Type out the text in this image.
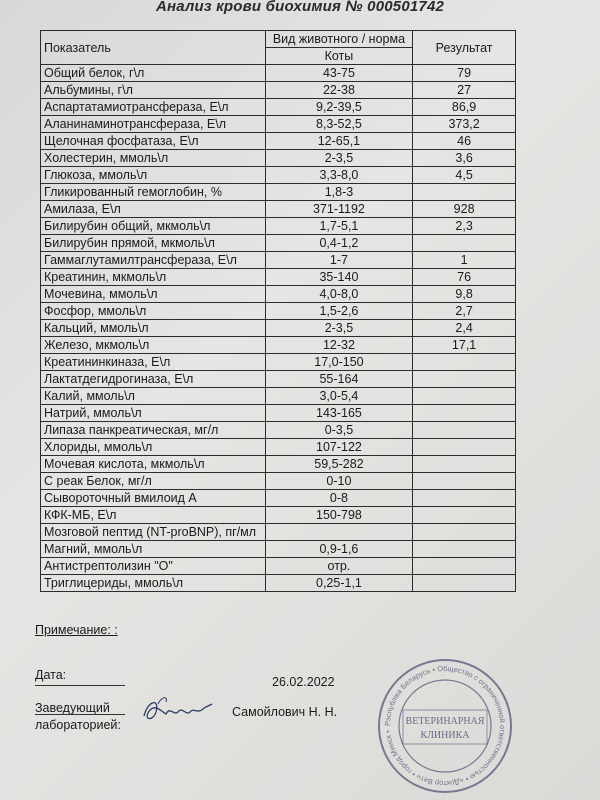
Анализ крови биохимия № 000501742
Показатель	Вид животного / норма	Результат
	Коты	
Общий белок, г\л	43-75	79
Альбумины, г\л	22-38	27
Аспартатамиотрансфераза, Е\л	9,2-39,5	86,9
Аланинаминотрансфераза, Е\л	8,3-52,5	373,2
Щелочная фосфатаза, Е\л	12-65,1	46
Холестерин, ммоль\л	2-3,5	3,6
Глюкоза, ммоль\л	3,3-8,0	4,5
Гликированный гемоглобин, %	1,8-3	
Амилаза, Е\л	371-1192	928
Билирубин общий, мкмоль\л	1,7-5,1	2,3
Билирубин прямой, мкмоль\л	0,4-1,2	
Гаммаглутамилтрансфераза, Е\л	1-7	1
Креатинин, мкмоль\л	35-140	76
Мочевина, ммоль\л	4,0-8,0	9,8
Фосфор, ммоль\л	1,5-2,6	2,7
Кальций, ммоль\л	2-3,5	2,4
Железо, мкмоль\л	12-32	17,1
Креатининкиназа, Е\л	17,0-150	
Лактатдегидрогиназа, Е\л	55-164	
Калий, ммоль\л	3,0-5,4	
Натрий, ммоль\л	143-165	
Липаза панкреатическая, мг/л	0-3,5	
Хлориды, ммоль\л	107-122	
Мочевая кислота, мкмоль\л	59,5-282	
С реак Белок, мг/л	0-10	
Сывороточный вмилоид А	0-8	
КФК-МБ, Е\л	150-798	
Мозговой пептид (NT-proBNP), пг/мл		
Магний, ммоль\л	0,9-1,6	
Антистрептолизин "О"	отр.	
Триглицериды, ммоль\л	0,25-1,1	
Примечание: :
Дата:	26.02.2022
Заведующий
лабораторией:
Самойлович Н. Н.
Рэспубліка Беларусь • Общество с ограниченной ответственностью • «Доктор Вет» • город Минск •
ВЕТЕРИНАРНАЯ
КЛИНИКА
